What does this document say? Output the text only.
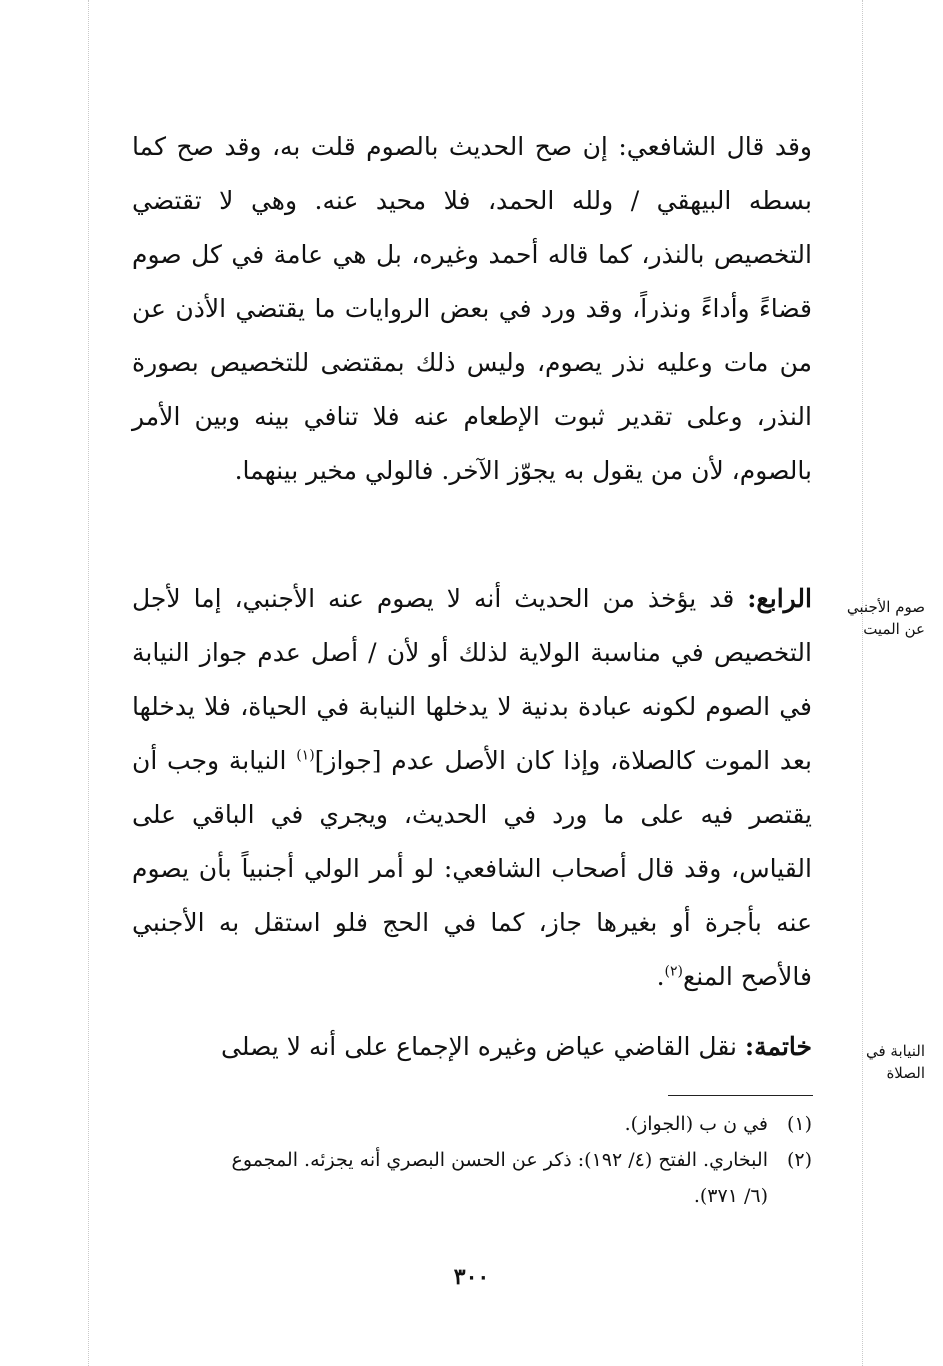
وقد قال الشافعي: إن صح الحديث بالصوم قلت به، وقد صح كما بسطه البيهقي / ولله الحمد، فلا محيد عنه. وهي لا تقتضي التخصيص بالنذر، كما قاله أحمد وغيره، بل هي عامة في كل صوم قضاءً وأداءً ونذراً، وقد ورد في بعض الروايات ما يقتضي الأذن عن من مات وعليه نذر يصوم، وليس ذلك بمقتضى للتخصيص بصورة النذر، وعلى تقدير ثبوت الإطعام عنه فلا تنافي بينه وبين الأمر بالصوم، لأن من يقول به يجوّز الآخر. فالولي مخير بينهما.
صوم الأجنبي
عن الميت
الرابع: قد يؤخذ من الحديث أنه لا يصوم عنه الأجنبي، إما لأجل التخصيص في مناسبة الولاية لذلك أو لأن / أصل عدم جواز النيابة في الصوم لكونه عبادة بدنية لا يدخلها النيابة في الحياة، فلا يدخلها بعد الموت كالصلاة، وإذا كان الأصل عدم [جواز]$^{(١)}$ النيابة وجب أن يقتصر فيه على ما ورد في الحديث، ويجري في الباقي على القياس، وقد قال أصحاب الشافعي: لو أمر الولي أجنبياً بأن يصوم عنه بأجرة أو بغيرها جاز، كما في الحج فلو استقل به الأجنبي فالأصح المنع$^{(٢)}$.
النيابة في
الصلاة
خاتمة: نقل القاضي عياض وغيره الإجماع على أنه لا يصلى
(١)في ن ب (الجواز).
(٢)البخاري. الفتح (٤/ ١٩٢): ذكر عن الحسن البصري أنه يجزئه. المجموع
(٦/ ٣٧١).
٣٠٠
